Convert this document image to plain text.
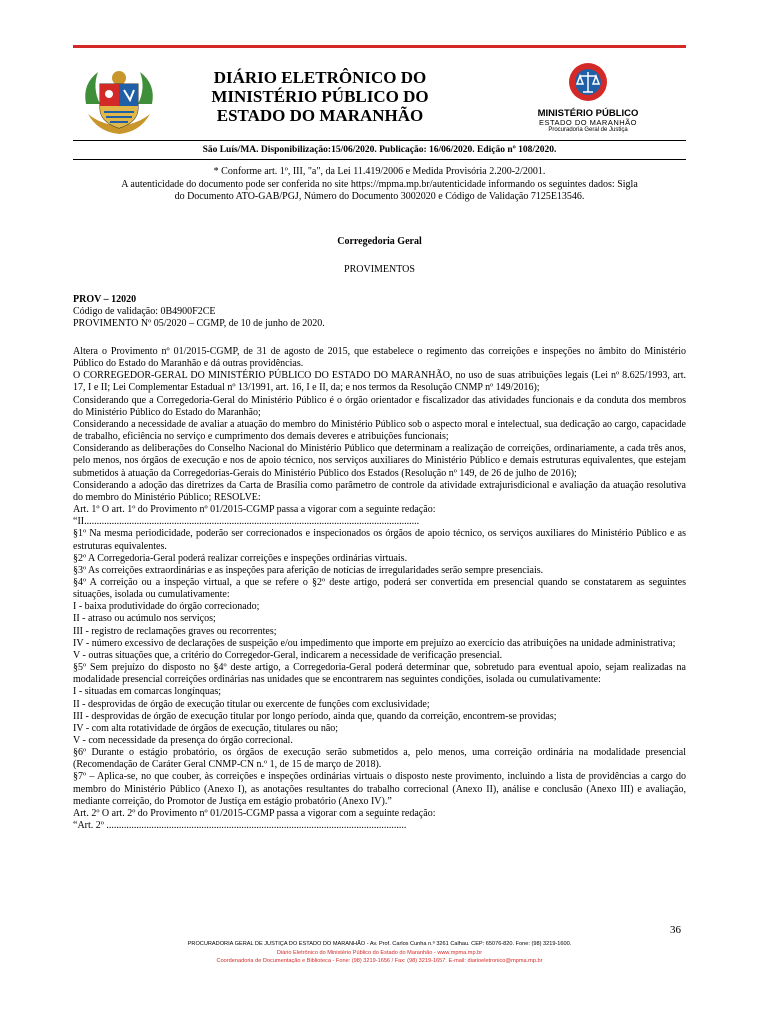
DIÁRIO ELETRÔNICO DO
MINISTÉRIO PÚBLICO DO
ESTADO DO MARANHÃO	MINISTÉRIO PÚBLICO
ESTADO DO MARANHÃO
Procuradoria Geral de Justiça
São Luís/MA. Disponibilização:15/06/2020. Publicação: 16/06/2020. Edição nº 108/2020.
* Conforme art. 1º, III, "a", da Lei 11.419/2006 e Medida Provisória 2.200-2/2001.
A autenticidade do documento pode ser conferida no site https://mpma.mp.br/autenticidade informando os seguintes dados: Sigla
do Documento ATO-GAB/PGJ, Número do Documento 3002020 e Código de Validação 7125E13546.
Corregedoria Geral
PROVIMENTOS
PROV – 12020
Código de validação: 0B4900F2CE
PROVIMENTO Nº 05/2020 – CGMP, de 10 de junho de 2020.

Altera o Provimento nº 01/2015-CGMP, de 31 de agosto de 2015, que estabelece o regimento das correições e inspeções no âmbito do Ministério Público do Estado do Maranhão e dá outras providências.

O CORREGEDOR-GERAL DO MINISTÉRIO PÚBLICO DO ESTADO DO MARANHÃO, no uso de suas atribuições legais (Lei nº 8.625/1993, art. 17, I e II; Lei Complementar Estadual nº 13/1991, art. 16, I e II, da; e nos termos da Resolução CNMP nº 149/2016);

Considerando que a Corregedoria-Geral do Ministério Público é o órgão orientador e fiscalizador das atividades funcionais e da conduta dos membros do Ministério Público do Estado do Maranhão;

Considerando a necessidade de avaliar a atuação do membro do Ministério Público sob o aspecto moral e intelectual, sua dedicação ao cargo, capacidade de trabalho, eficiência no serviço e cumprimento dos demais deveres e atribuições funcionais;

Considerando as deliberações do Conselho Nacional do Ministério Público que determinam a realização de correições, ordinariamente, a cada três anos, pelo menos, nos órgãos de execução e nos de apoio técnico, nos serviços auxiliares do Ministério Público e demais estruturas equivalentes, que estejam submetidos à atuação da Corregedorias-Gerais do Ministério Público dos Estados (Resolução nº 149, de 26 de julho de 2016);

Considerando a adoção das diretrizes da Carta de Brasília como parâmetro de controle da atividade extrajurisdicional e avaliação da atuação resolutiva do membro do Ministério Público; RESOLVE:

Art. 1º O art. 1º do Provimento nº 01/2015-CGMP passa a vigorar com a seguinte redação:

“II......................................................................................................................................

§1º Na mesma periodicidade, poderão ser correcionados e inspecionados os órgãos de apoio técnico, os serviços auxiliares do Ministério Público e as estruturas equivalentes.

§2º A Corregedoria-Geral poderá realizar correições e inspeções ordinárias virtuais.

§3º As correições extraordinárias e as inspeções para aferição de notícias de irregularidades serão sempre presenciais.

§4º A correição ou a inspeção virtual, a que se refere o §2º deste artigo, poderá ser convertida em presencial quando se constatarem as seguintes situações, isolada ou cumulativamente:

I - baixa produtividade do órgão correcionado;

II - atraso ou acúmulo nos serviços;

III - registro de reclamações graves ou recorrentes;

IV - número excessivo de declarações de suspeição e/ou impedimento que importe em prejuízo ao exercício das atribuições na unidade administrativa;

V - outras situações que, a critério do Corregedor-Geral, indicarem a necessidade de verificação presencial.

§5º Sem prejuízo do disposto no §4º deste artigo, a Corregedoria-Geral poderá determinar que, sobretudo para eventual apoio, sejam realizadas na modalidade presencial correições ordinárias nas unidades que se encontrarem nas seguintes condições, isolada ou cumulativamente:

I - situadas em comarcas longínquas;

II - desprovidas de órgão de execução titular ou exercente de funções com exclusividade;

III - desprovidas de órgão de execução titular por longo período, ainda que, quando da correição, encontrem-se providas;

IV - com alta rotatividade de órgãos de execução, titulares ou não;

V - com necessidade da presença do órgão correcional.

§6º Durante o estágio probatório, os órgãos de execução serão submetidos a, pelo menos, uma correição ordinária na modalidade presencial (Recomendação de Caráter Geral CNMP-CN n.º 1, de 15 de março de 2018).

§7º – Aplica-se, no que couber, às correições e inspeções ordinárias virtuais o disposto neste provimento, incluindo a lista de providências a cargo do membro do Ministério Público (Anexo I), as anotações resultantes do trabalho correcional (Anexo II), análise e conclusão (Anexo III) e avaliação, mediante correição, do Promotor de Justiça em estágio probatório (Anexo IV).”

Art. 2º O art. 2º do Provimento nº 01/2015-CGMP passa a vigorar com a seguinte redação:

“Art. 2º ........................................................................................................................

36
PROCURADORIA GERAL DE JUSTIÇA DO ESTADO DO MARANHÃO - Av. Prof. Carlos Cunha n.º 3261 Calhau. CEP: 65076-820. Fone: (98) 3219-1600.
Diário Eletrônico do Ministério Público do Estado do Maranhão - www.mpma.mp.br
Coordenadoria de Documentação e Biblioteca - Fone: (98) 3219-1656 / Fax: (98) 3219-1657. E-mail: diarioeletronico@mpma.mp.br
